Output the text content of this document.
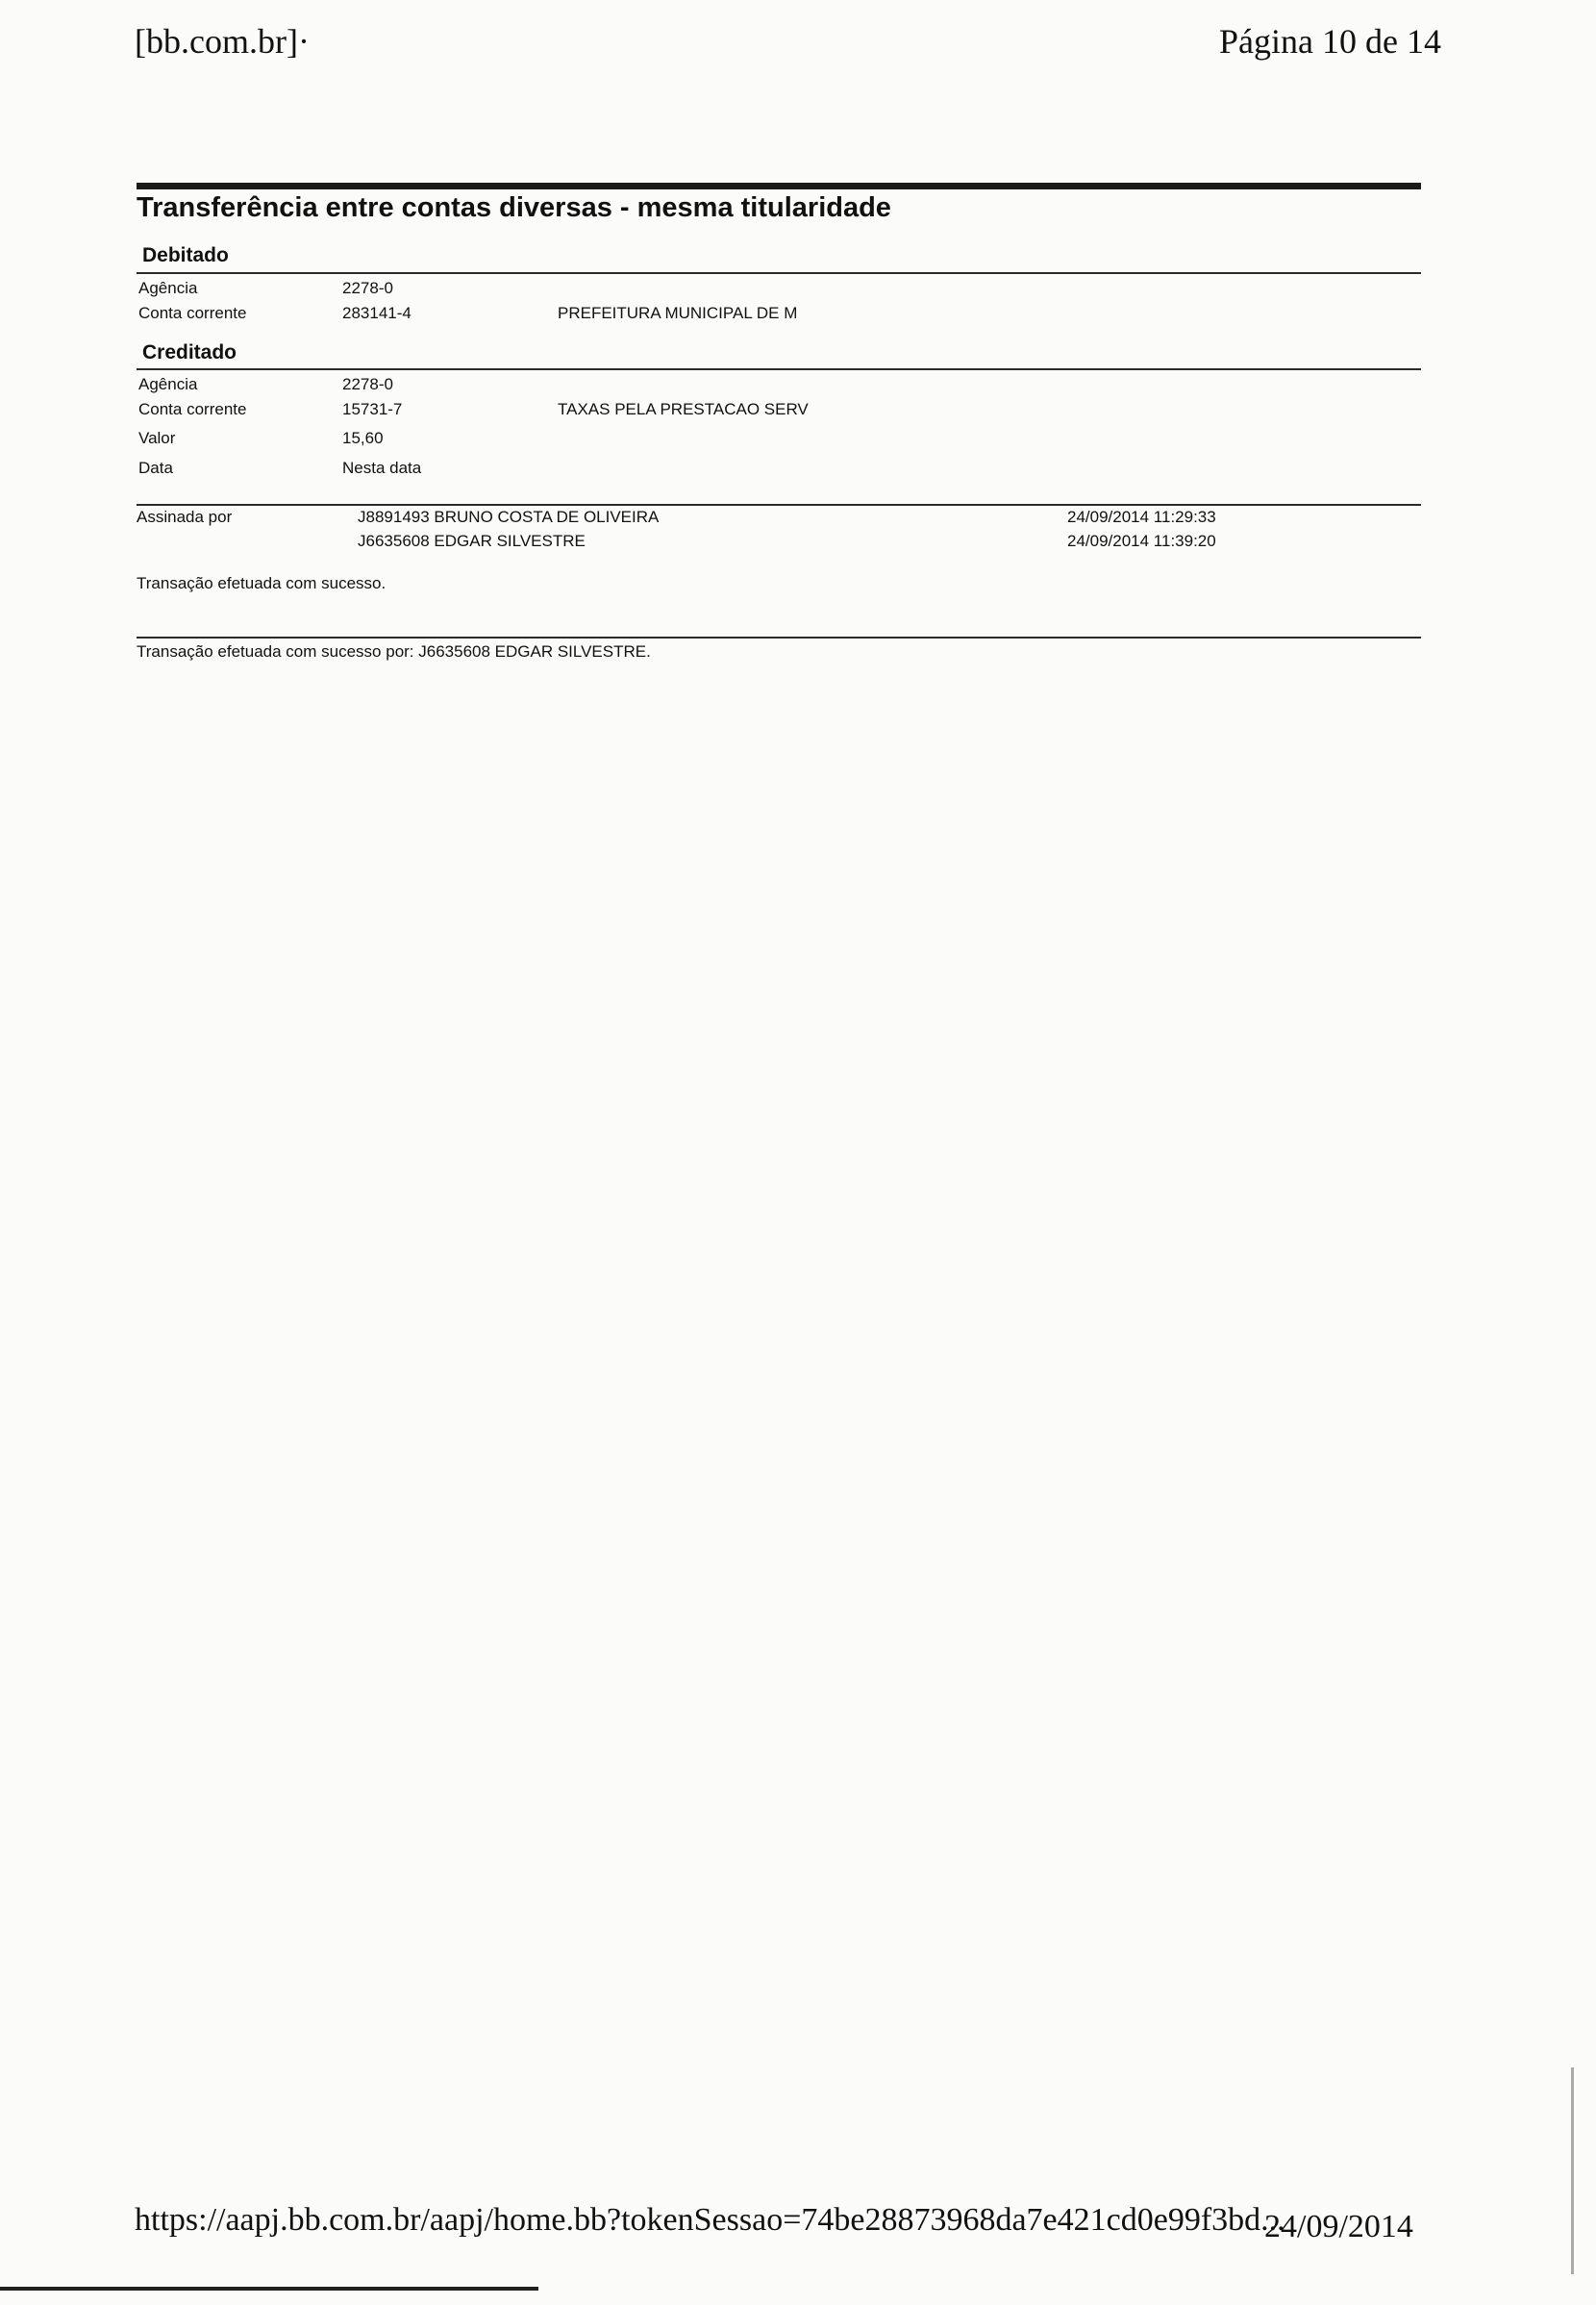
[bb.com.br]·	Página 10 de 14
Transferência entre contas diversas - mesma titularidade
Debitado
Agência	2278-0
Conta corrente	283141-4	PREFEITURA MUNICIPAL DE M
Creditado
Agência	2278-0
Conta corrente	15731-7	TAXAS PELA PRESTACAO SERV
Valor	15,60
Data	Nesta data
Assinada por	J8891493 BRUNO COSTA DE OLIVEIRA	24/09/2014 11:29:33
J6635608 EDGAR SILVESTRE	24/09/2014 11:39:20
Transação efetuada com sucesso.
Transação efetuada com sucesso por: J6635608 EDGAR SILVESTRE.
https://aapj.bb.com.br/aapj/home.bb?tokenSessao=74be28873968da7e421cd0e99f3bd...
24/09/2014
